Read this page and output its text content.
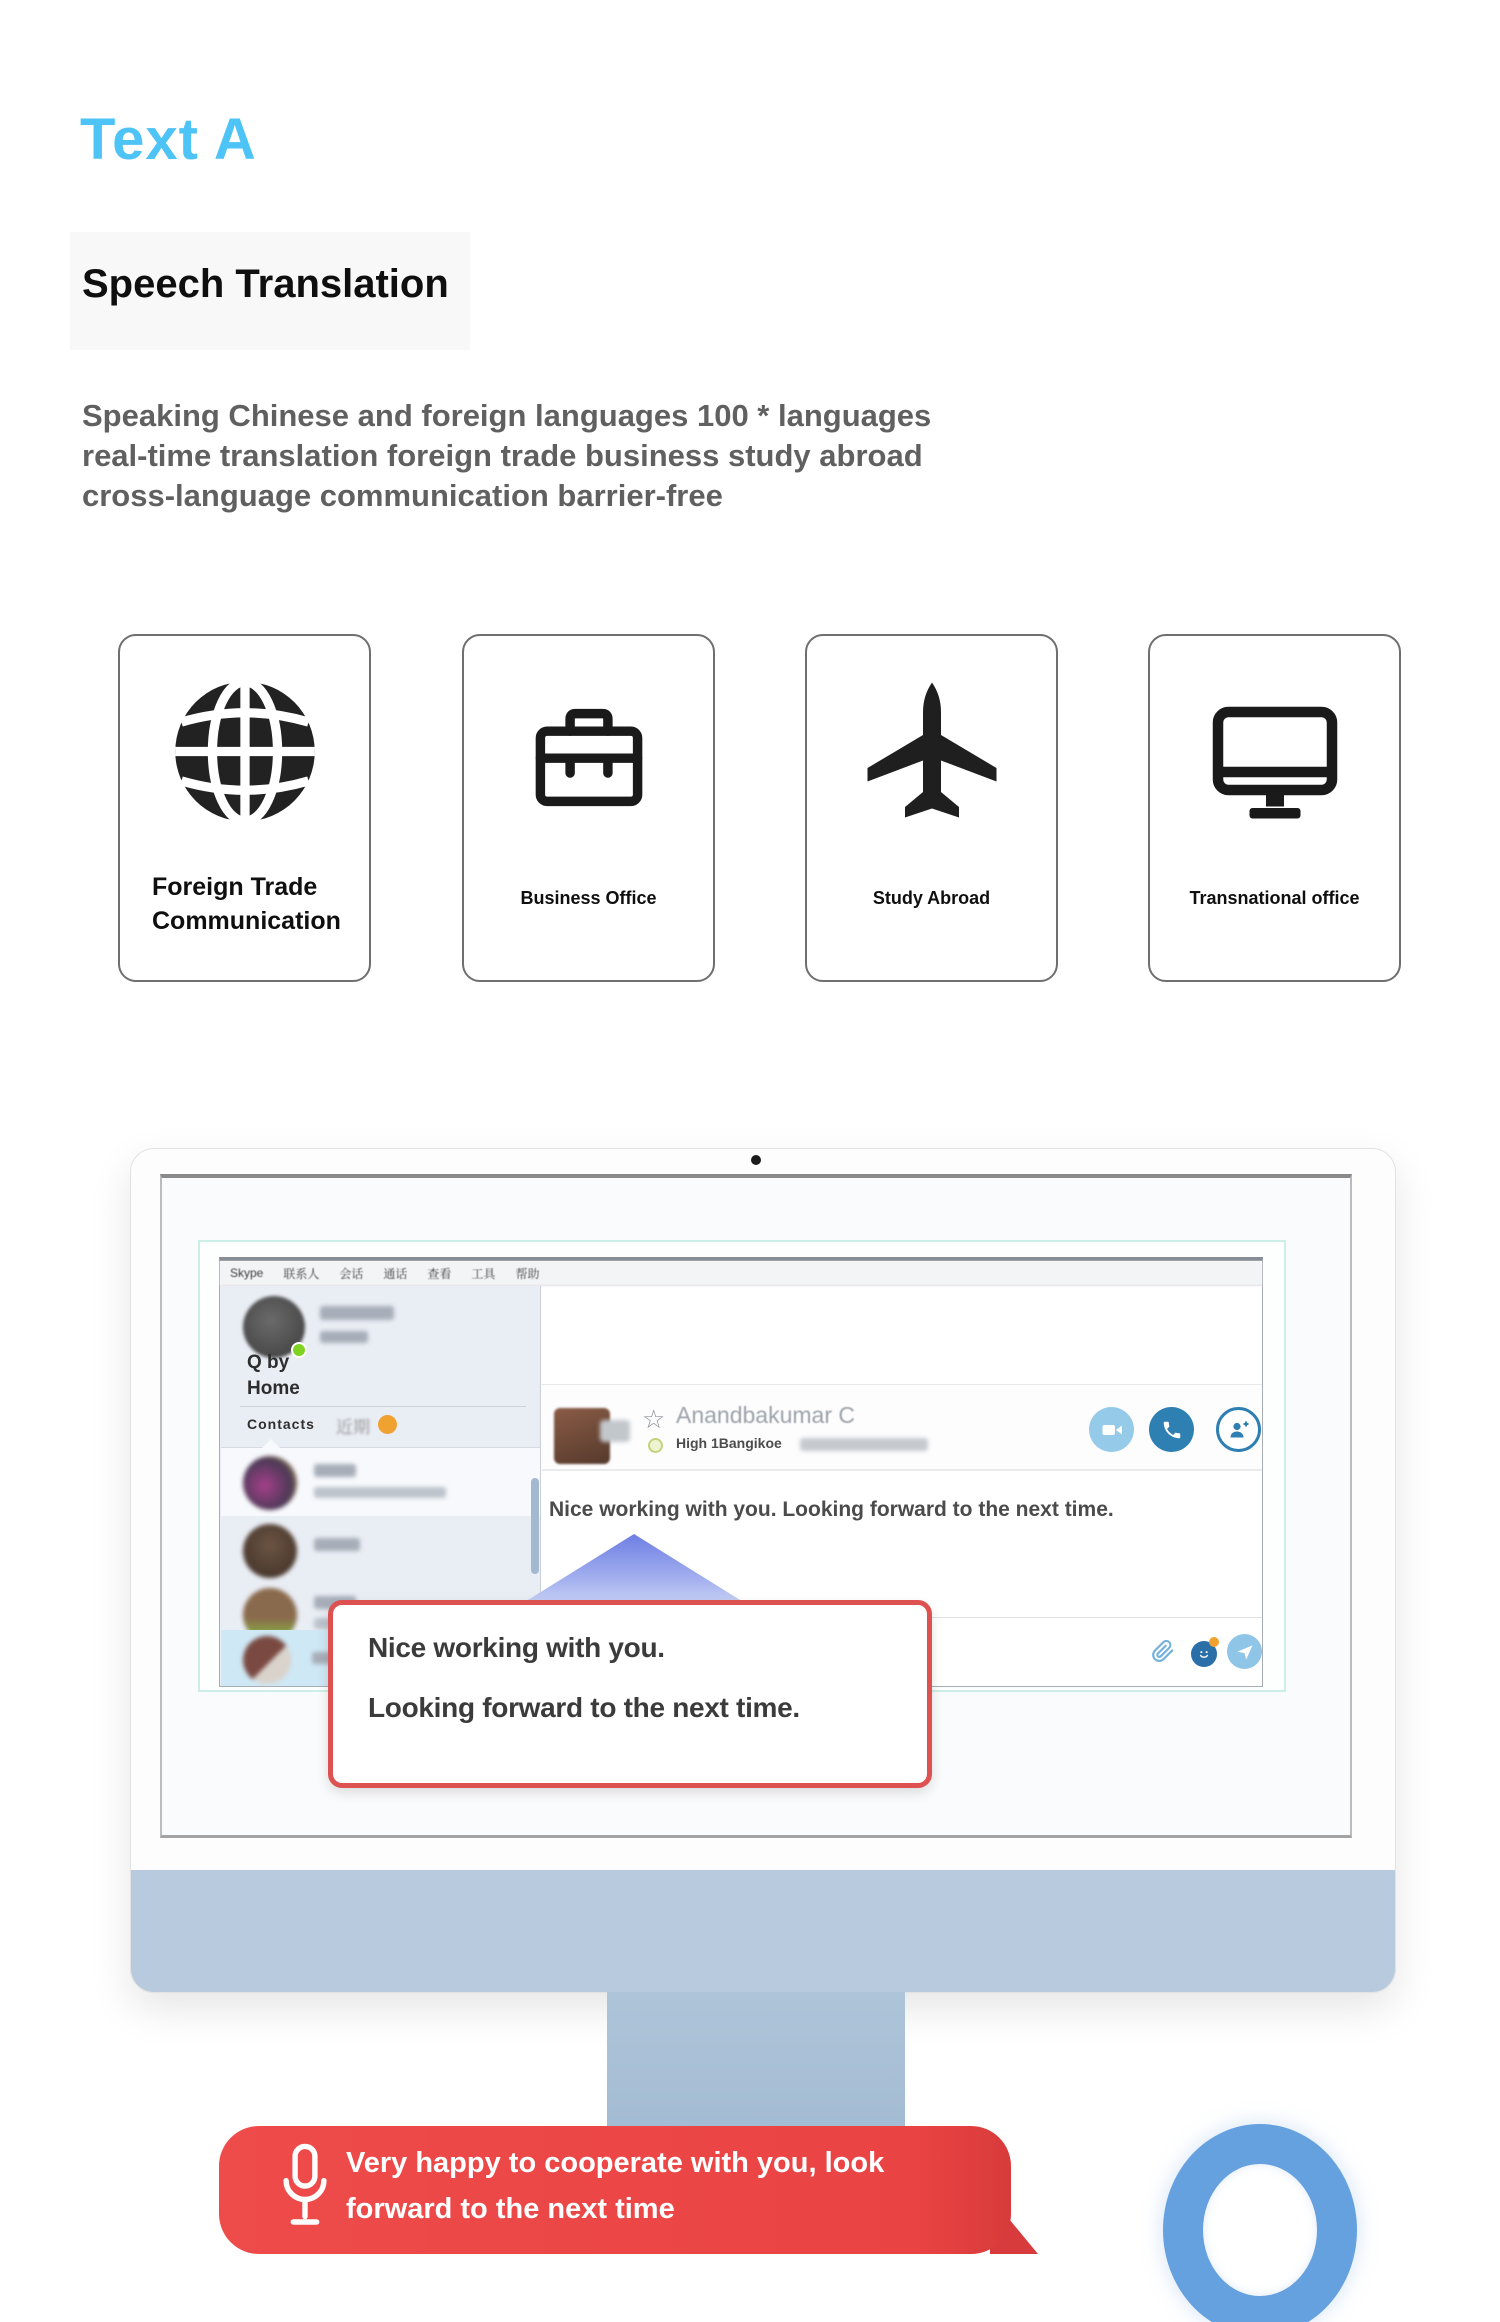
Text A
Speech Translation
Speaking Chinese and foreign languages 100 * languages
real-time translation foreign trade business study abroad
cross-language communication barrier-free
Foreign Trade
Communication
Business Office	Study Abroad	Transnational office
Skype 联系人 会话 通话 查看 工具 帮助
Q by
Home
Contacts 近期	☆ Anandbakumar C
High 1Bangikoe
Nice working with you. Looking forward to the next time.
Nice working with you.
Looking forward to the next time.
Very happy to cooperate with you, look
forward to the next time
